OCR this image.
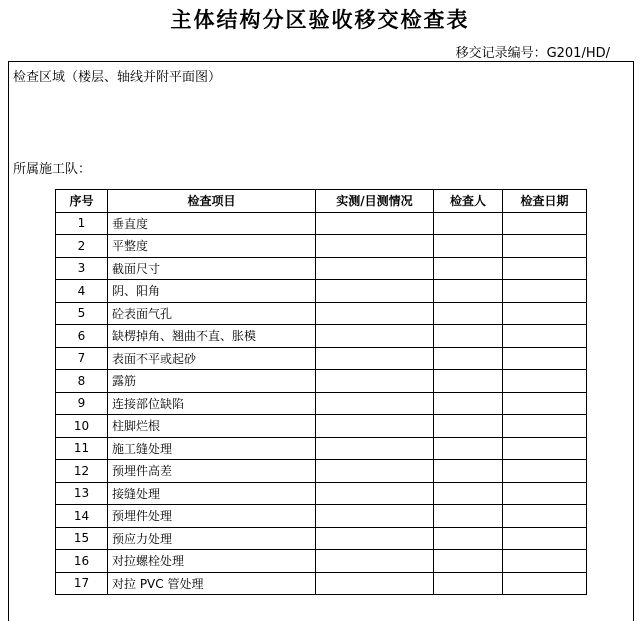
主体结构分区验收移交检查表
移交记录编号：G201/HD/
检查区域（楼层、轴线并附平面图）
所属施工队：
序号	检查项目	实测/目测情况	检查人	检查日期
1	垂直度			
2	平整度			
3	截面尺寸			
4	阴、阳角			
5	砼表面气孔			
6	缺楞掉角、翘曲不直、胀模			
7	表面不平或起砂			
8	露筋			
9	连接部位缺陷			
10	柱脚烂根			
11	施工缝处理			
12	预埋件高差			
13	接缝处理			
14	预埋件处理			
15	预应力处理			
16	对拉螺栓处理			
17	对拉 PVC 管处理			
